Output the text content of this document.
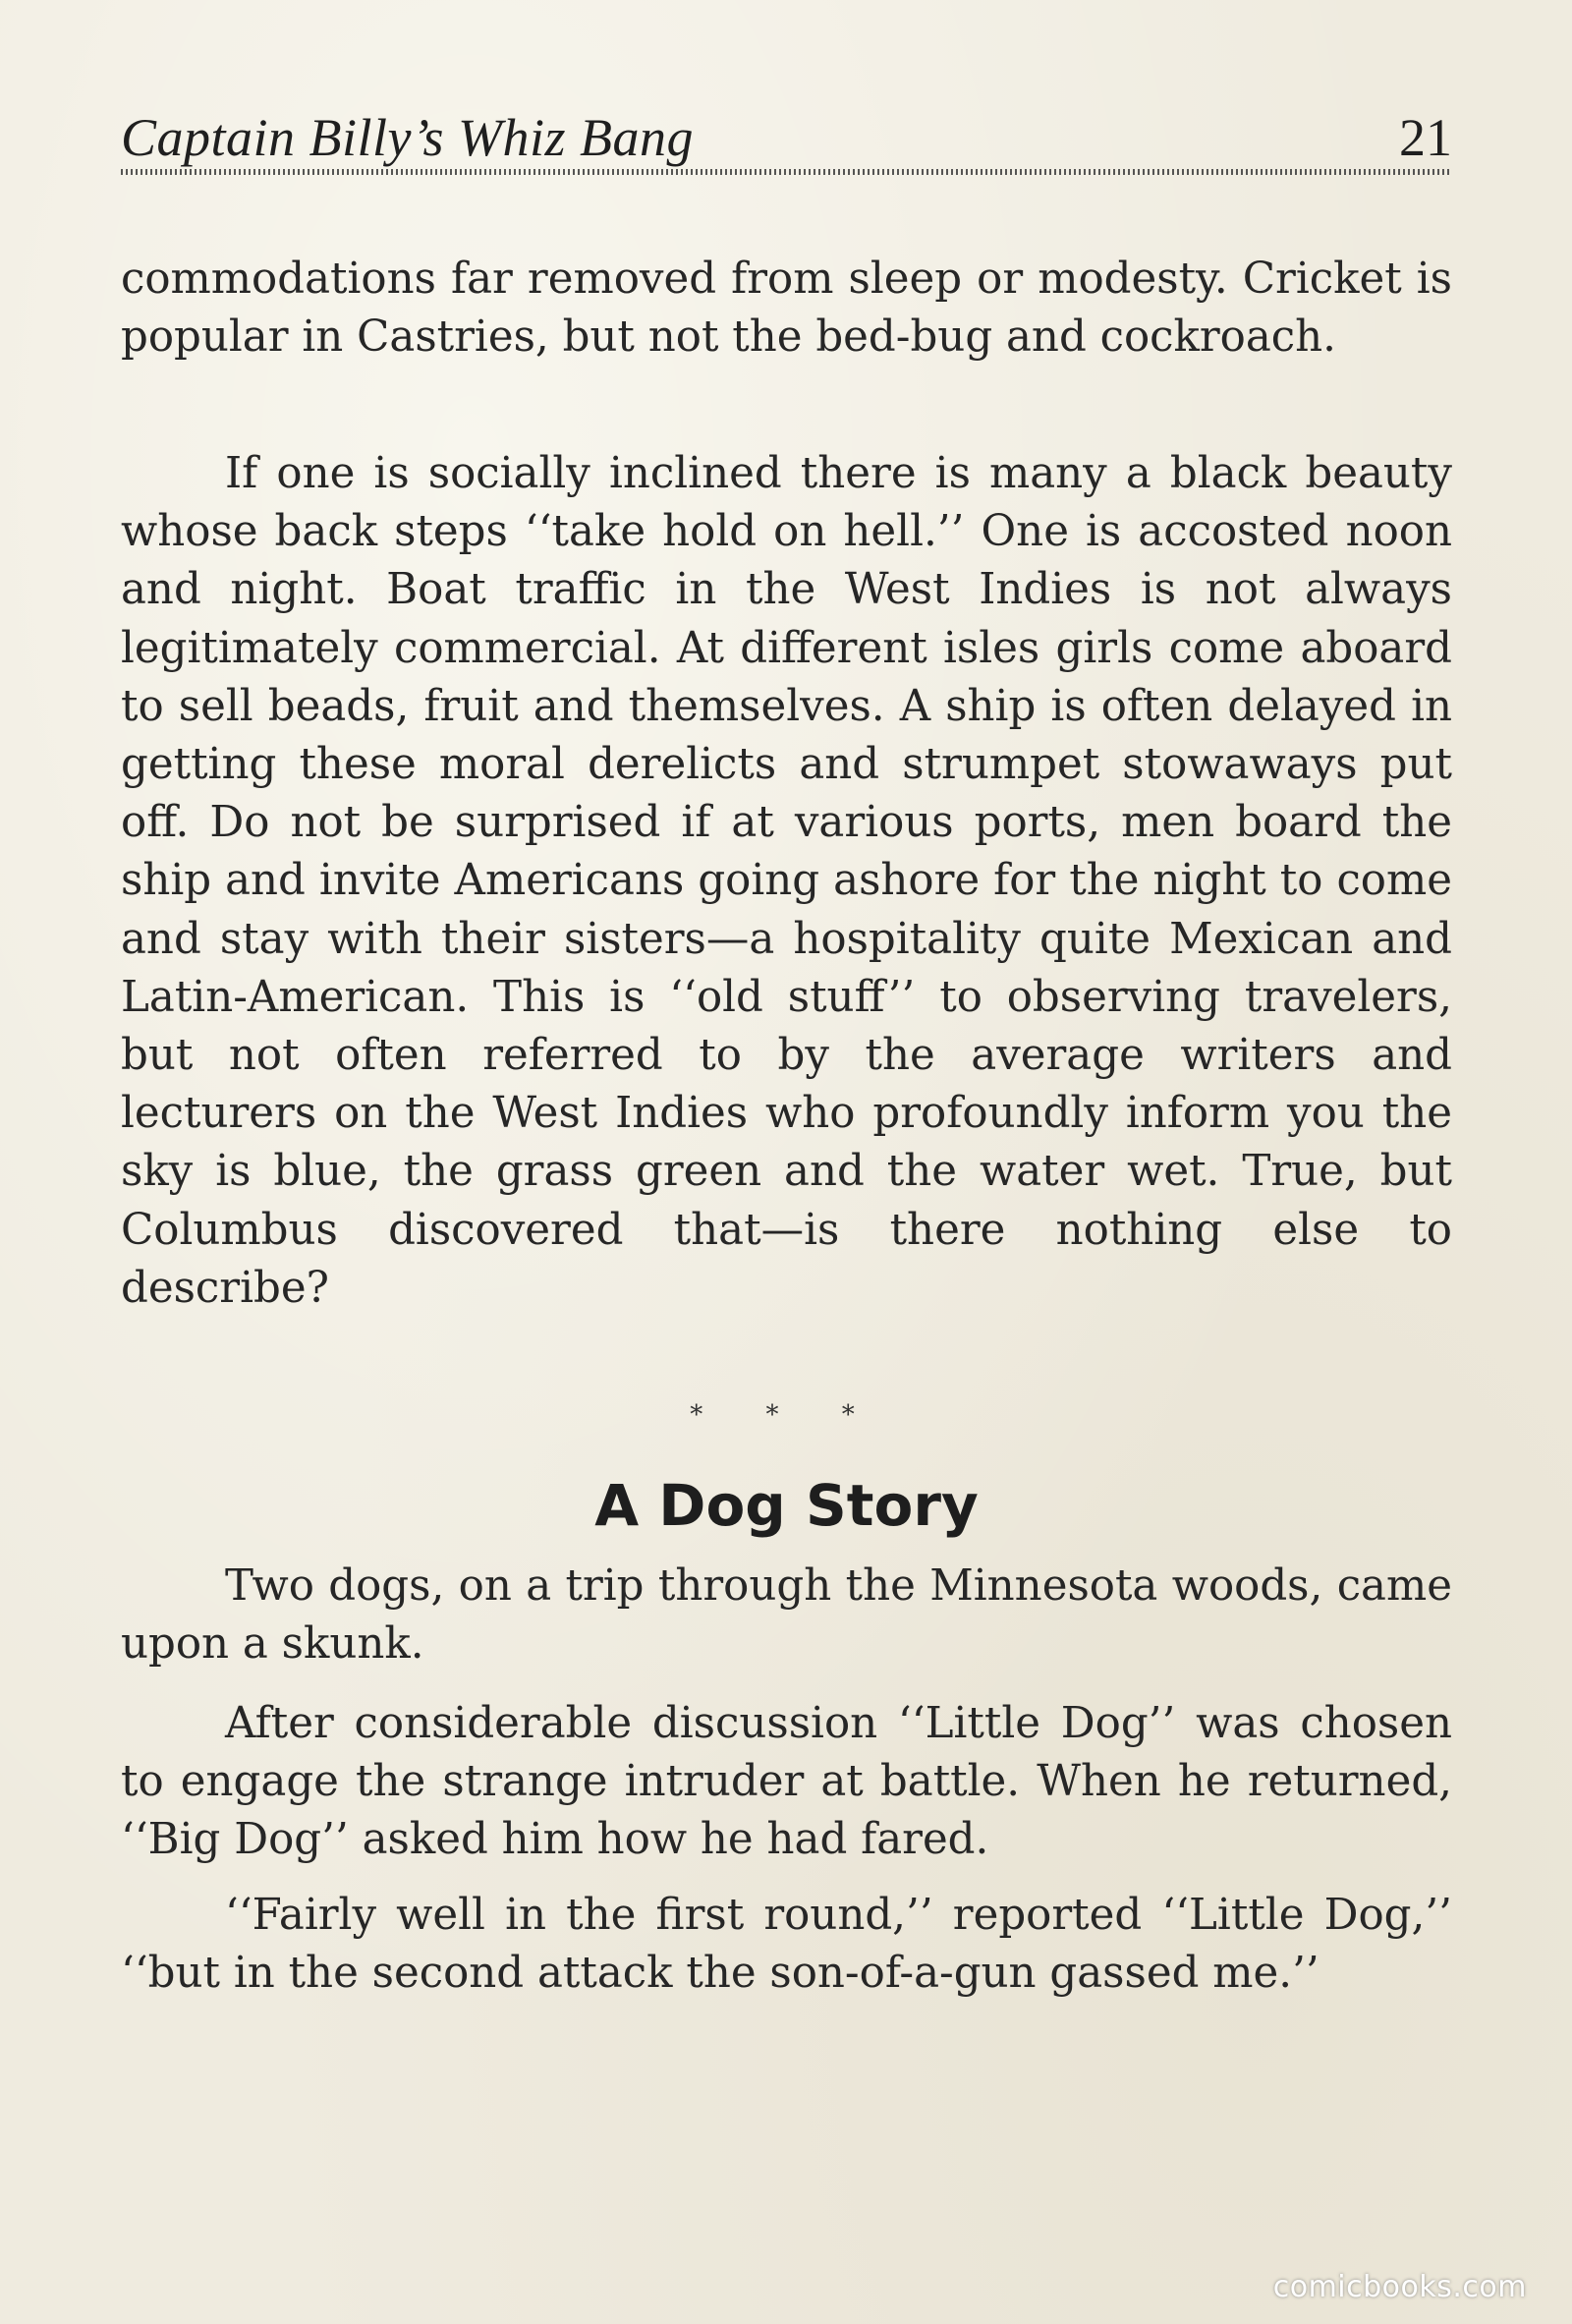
Captain Billy’s Whiz Bang	21

commodations far removed from sleep or modesty. Cricket is popular in Castries, but not the bed-bug and cockroach.

If one is socially inclined there is many a black beauty whose back steps ‘‘take hold on hell.’’ One is accosted noon and night. Boat traffic in the West Indies is not always legitimately commercial. At different isles girls come aboard to sell beads, fruit and themselves. A ship is often delayed in getting these moral derelicts and strumpet stowaways put off. Do not be surprised if at various ports, men board the ship and invite Americans going ashore for the night to come and stay with their sisters—a hospitality quite Mexican and Latin-American. This is ‘‘old stuff’’ to observing travelers, but not often referred to by the average writers and lecturers on the West Indies who profoundly inform you the sky is blue, the grass green and the water wet. True, but Columbus discovered that—is there nothing else to describe?

* * *
A Dog Story

Two dogs, on a trip through the Minnesota woods, came upon a skunk.

After considerable discussion ‘‘Little Dog’’ was chosen to engage the strange intruder at battle. When he returned, ‘‘Big Dog’’ asked him how he had fared.

‘‘Fairly well in the first round,’’ reported ‘‘Little Dog,’’ ‘‘but in the second attack the son-of-a-gun gassed me.’’

comicbooks.com
